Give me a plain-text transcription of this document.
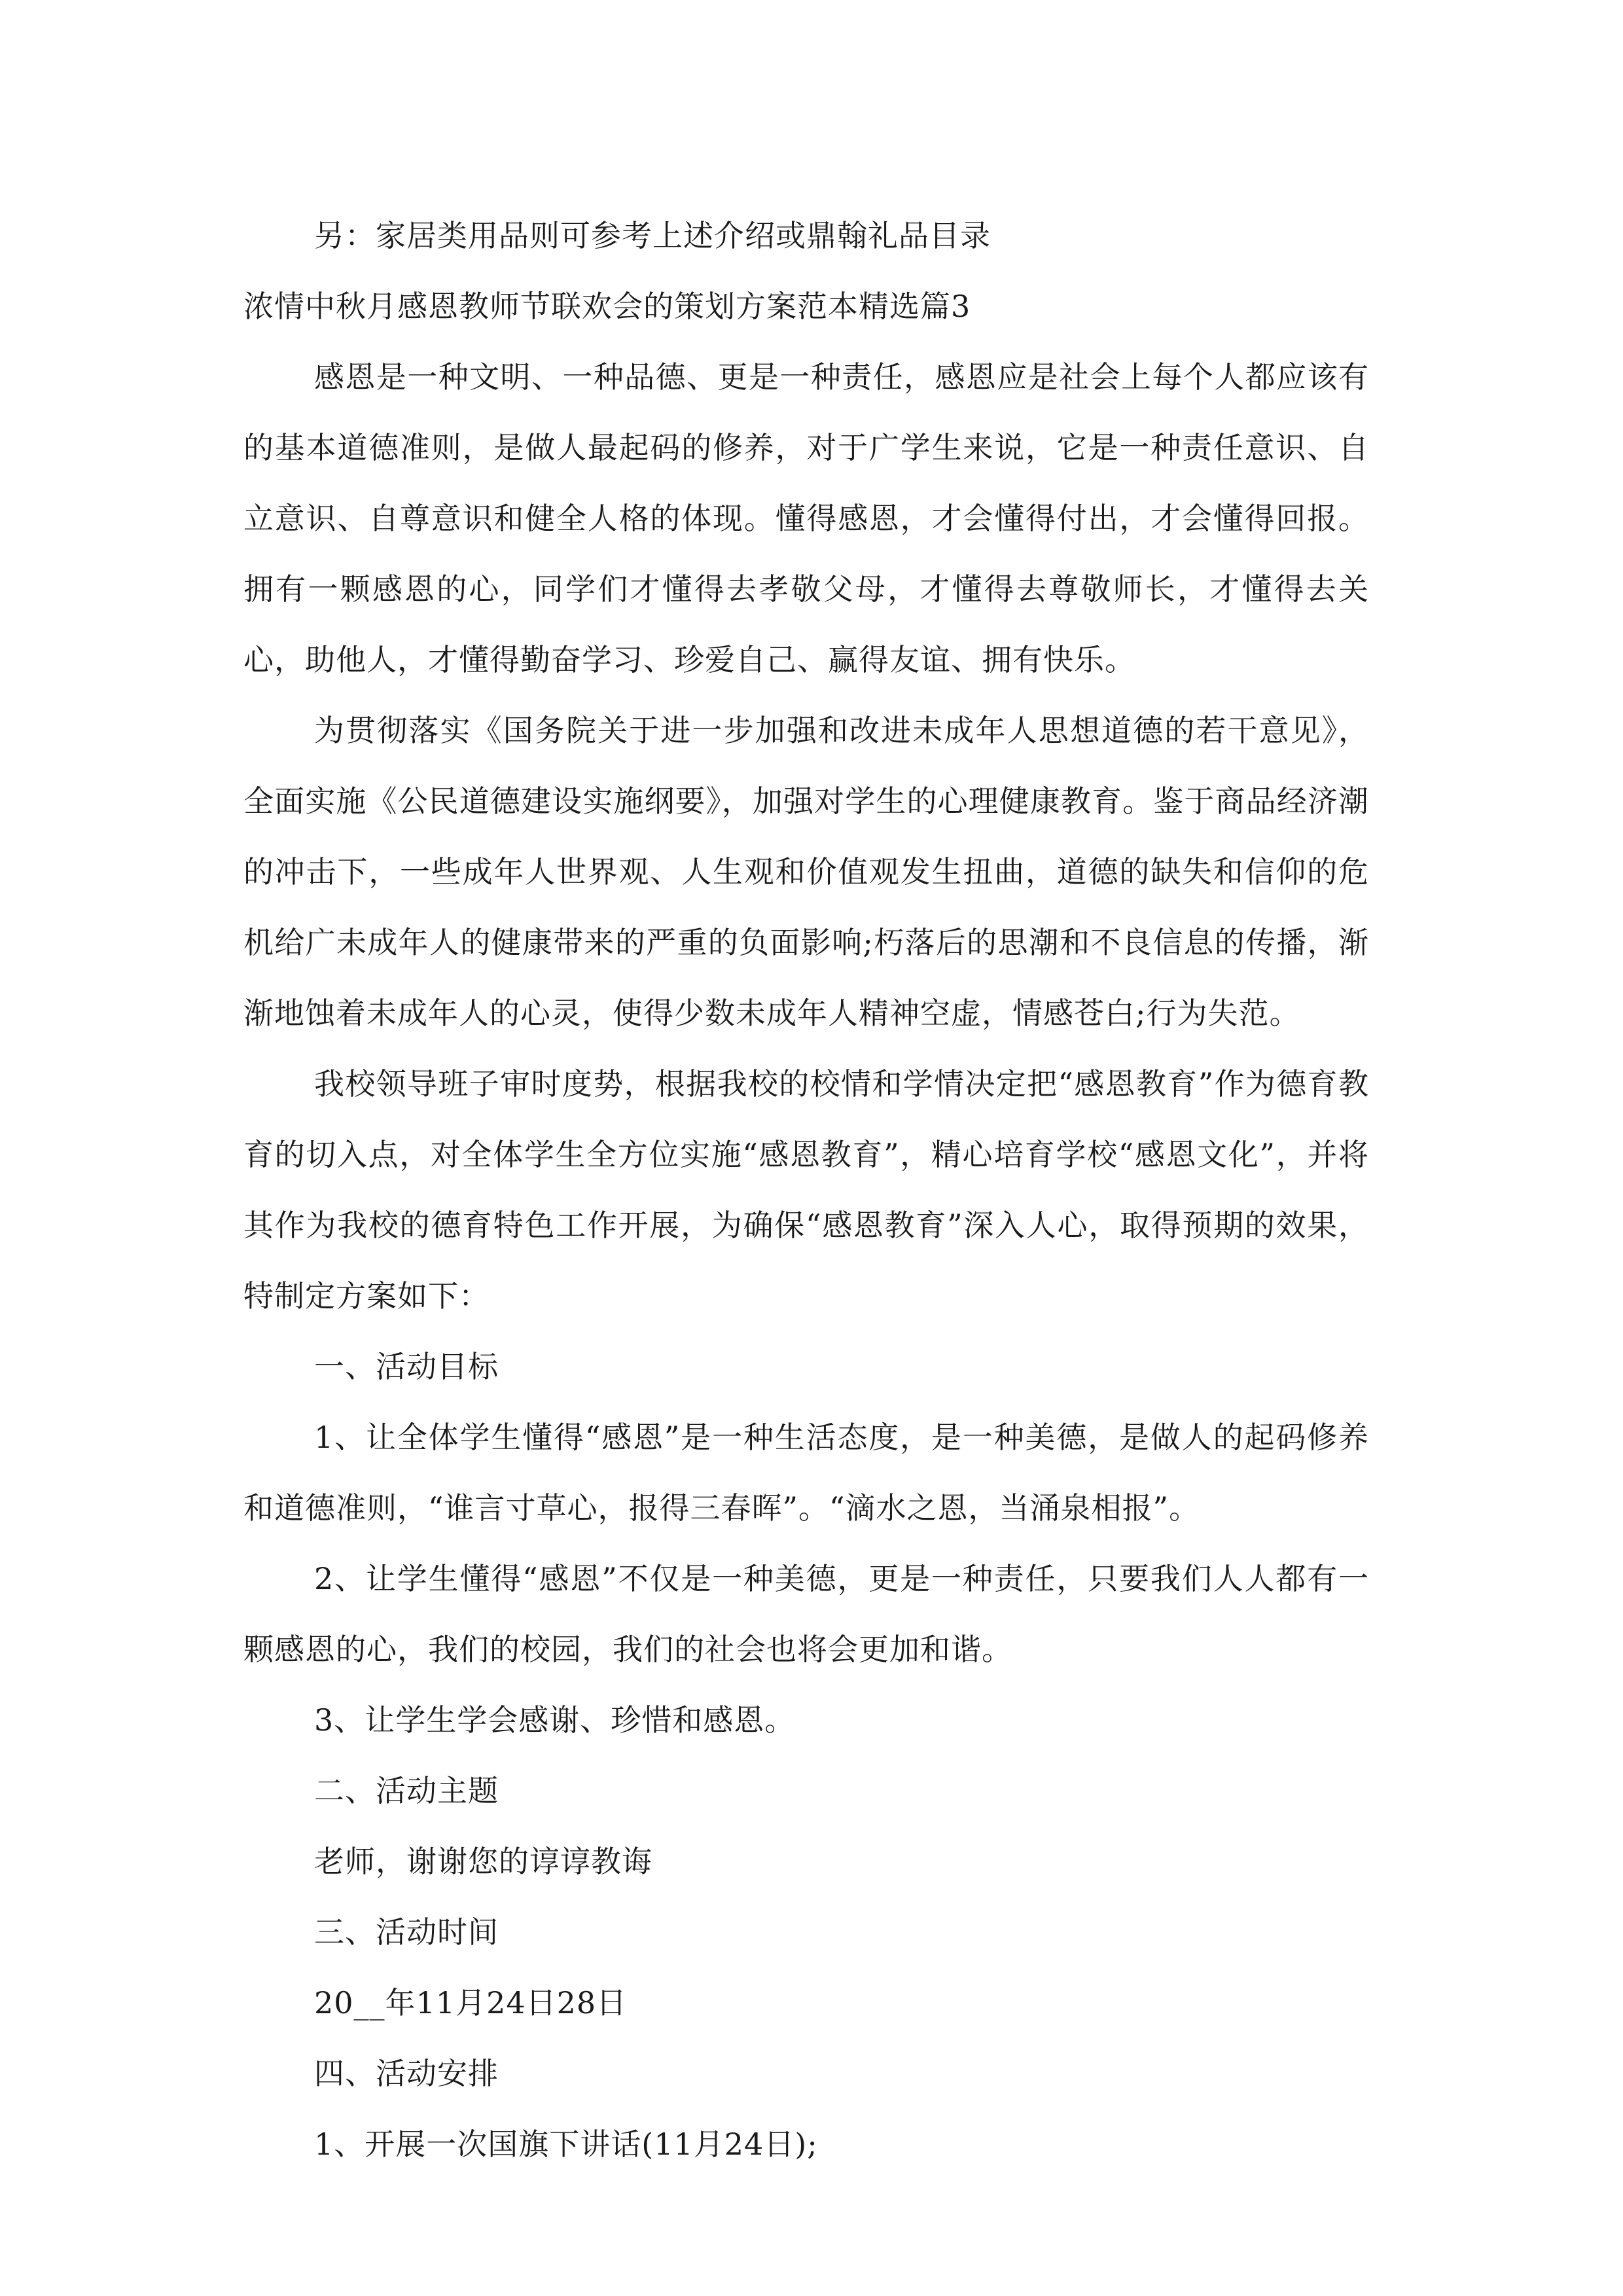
另：家居类用品则可参考上述介绍或鼎翰礼品目录
浓情中秋月感恩教师节联欢会的策划方案范本精选篇3
感恩是一种文明、一种品德、更是一种责任，感恩应是社会上每个人都应该有的基本道德准则，是做人最起码的修养，对于广学生来说，它是一种责任意识、自立意识、自尊意识和健全人格的体现。懂得感恩，才会懂得付出，才会懂得回报。拥有一颗感恩的心，同学们才懂得去孝敬父母，才懂得去尊敬师长，才懂得去关心，助他人，才懂得勤奋学习、珍爱自己、赢得友谊、拥有快乐。
为贯彻落实《国务院关于进一步加强和改进未成年人思想道德的若干意见》，全面实施《公民道德建设实施纲要》，加强对学生的心理健康教育。鉴于商品经济潮的冲击下，一些成年人世界观、人生观和价值观发生扭曲，道德的缺失和信仰的危机给广未成年人的健康带来的严重的负面影响;朽落后的思潮和不良信息的传播，渐渐地蚀着未成年人的心灵，使得少数未成年人精神空虚，情感苍白;行为失范。
我校领导班子审时度势，根据我校的校情和学情决定把“感恩教育”作为德育教育的切入点，对全体学生全方位实施“感恩教育”，精心培育学校“感恩文化”，并将其作为我校的德育特色工作开展，为确保“感恩教育”深入人心，取得预期的效果，特制定方案如下：
一、活动目标
1、让全体学生懂得“感恩”是一种生活态度，是一种美德，是做人的起码修养和道德准则，“谁言寸草心，报得三春晖”。“滴水之恩，当涌泉相报”。
2、让学生懂得“感恩”不仅是一种美德，更是一种责任，只要我们人人都有一颗感恩的心，我们的校园，我们的社会也将会更加和谐。
3、让学生学会感谢、珍惜和感恩。
二、活动主题
老师，谢谢您的谆谆教诲
三、活动时间
20__年11月24日28日
四、活动安排
1、开展一次国旗下讲话(11月24日);
